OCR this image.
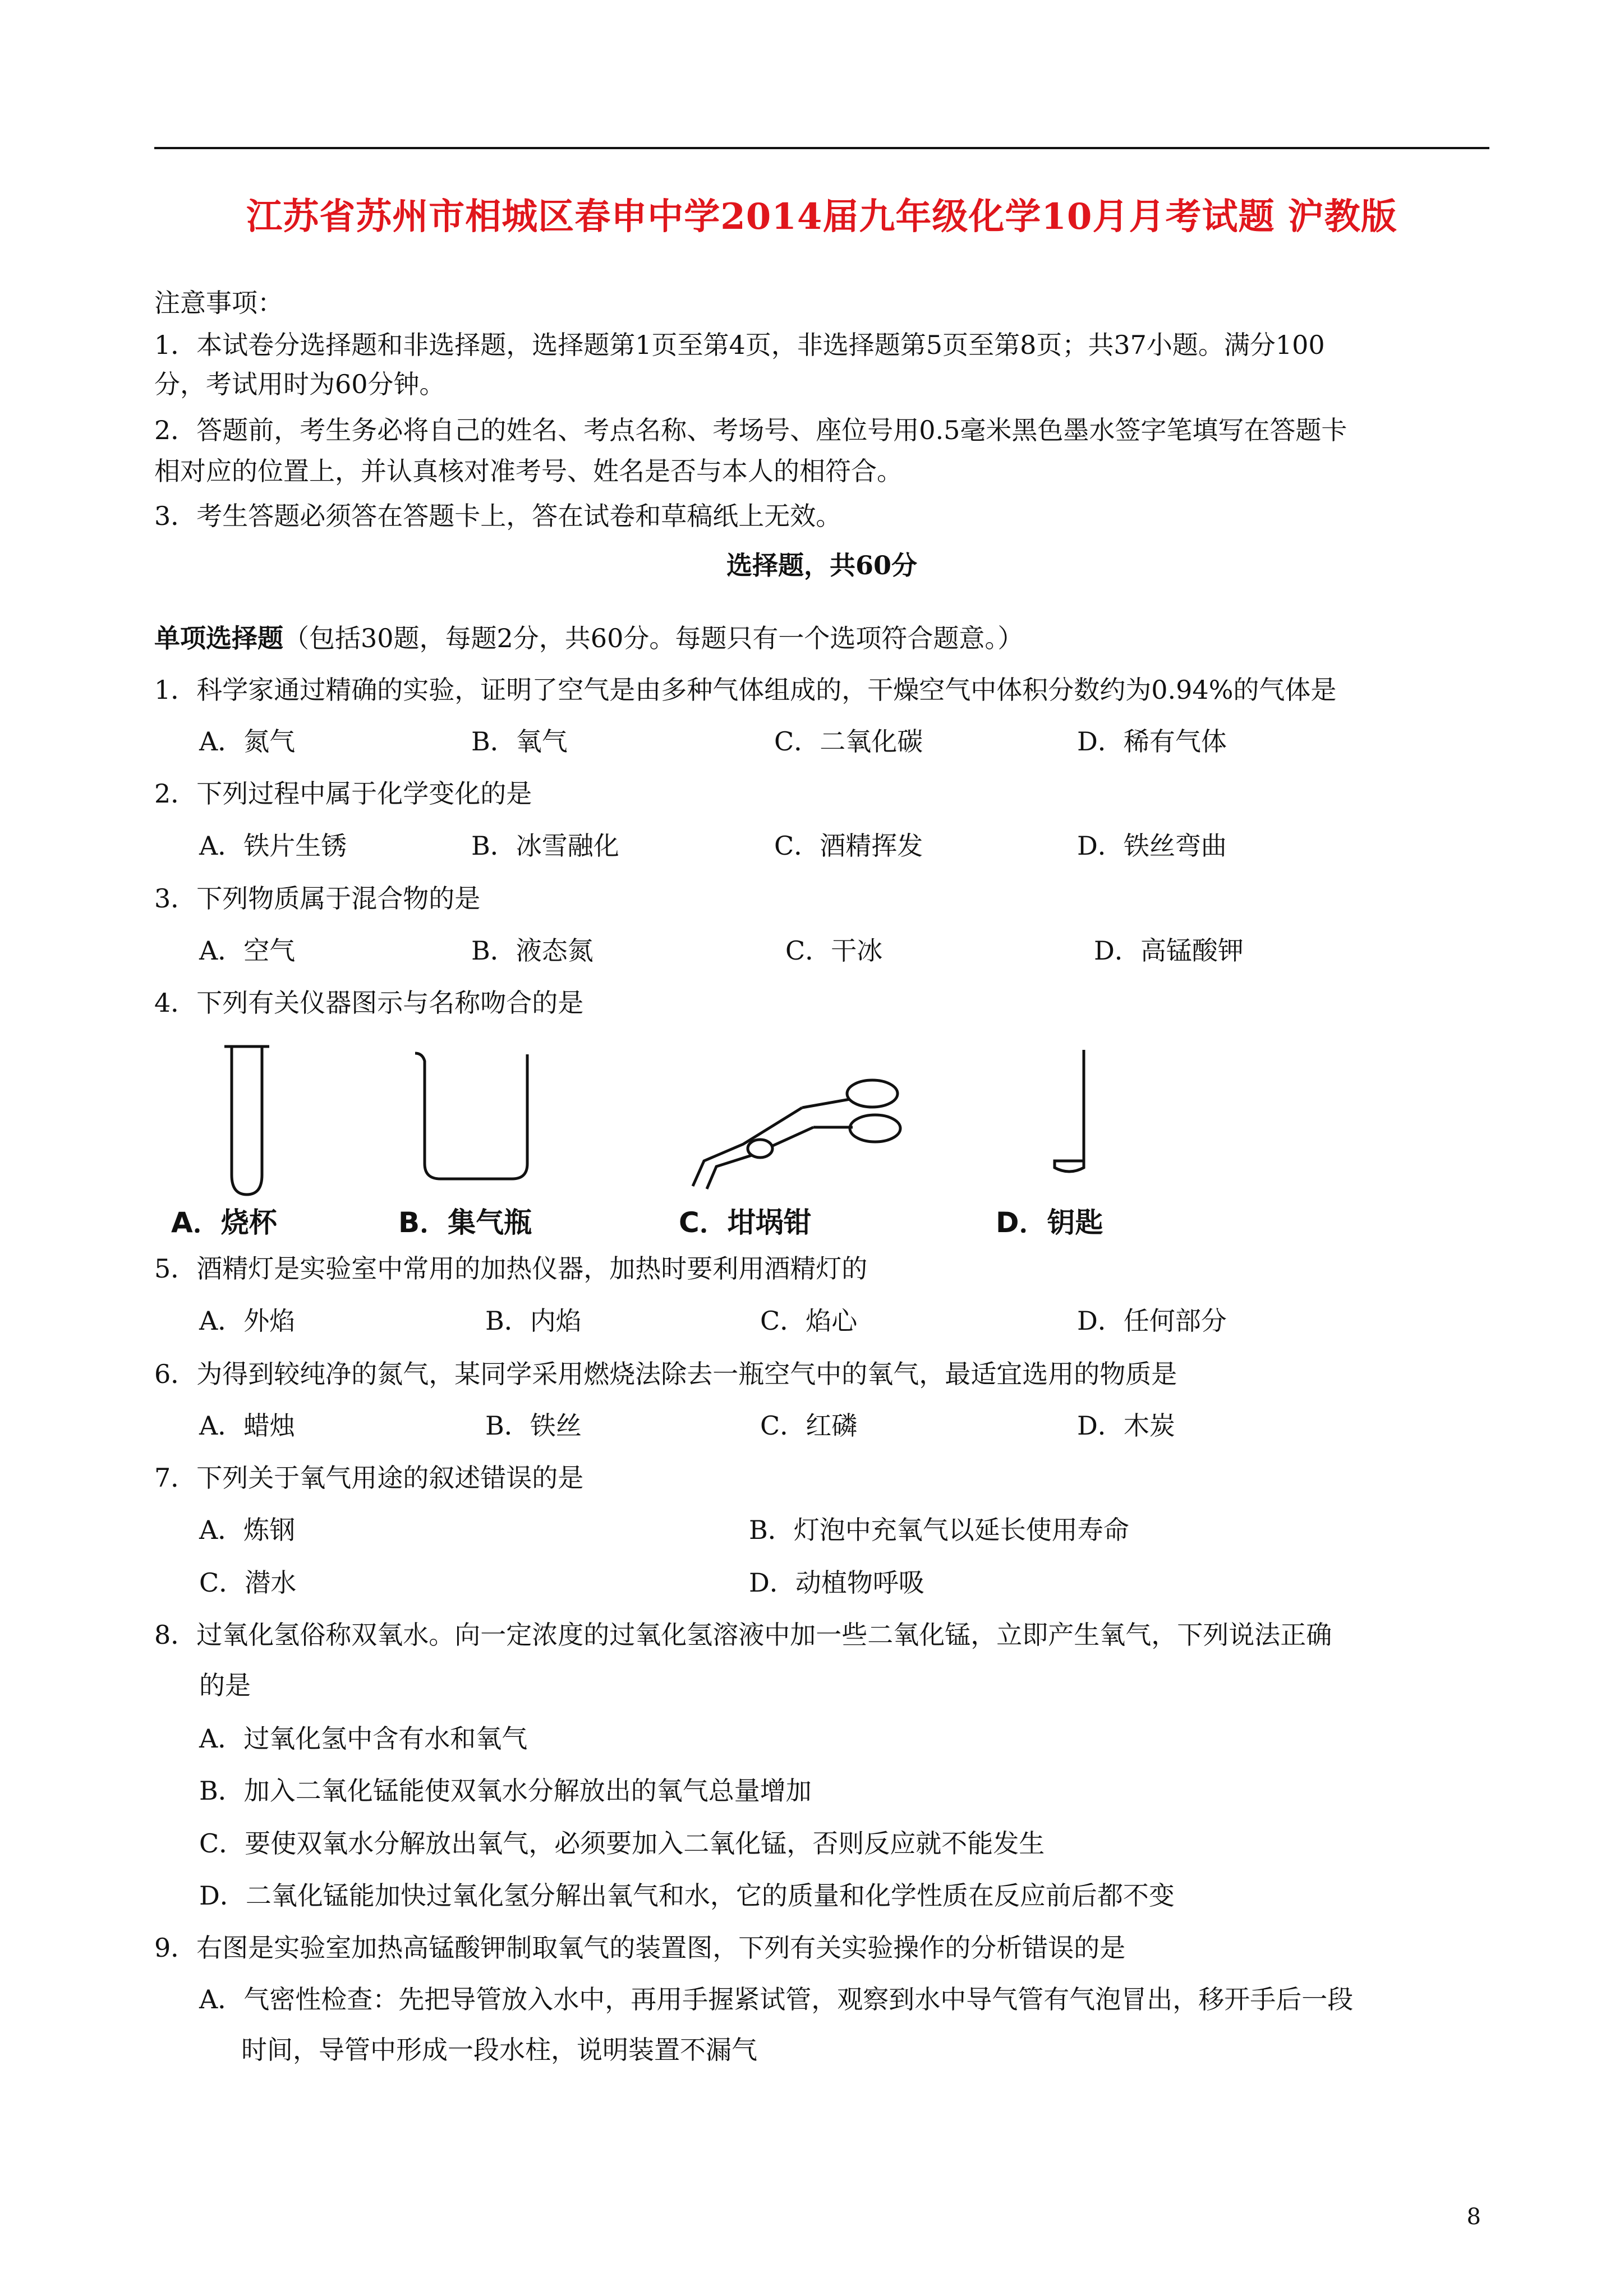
江苏省苏州市相城区春申中学2014届九年级化学10月月考试题 沪教版
注意事项：
1．本试卷分选择题和非选择题，选择题第1页至第4页，非选择题第5页至第8页；共37小题。满分100
分，考试用时为60分钟。
2．答题前，考生务必将自己的姓名、考点名称、考场号、座位号用0.5毫米黑色墨水签字笔填写在答题卡
相对应的位置上，并认真核对准考号、姓名是否与本人的相符合。
3．考生答题必须答在答题卡上，答在试卷和草稿纸上无效。
选择题，共60分
单项选择题（包括30题，每题2分，共60分。每题只有一个选项符合题意。）
1．科学家通过精确的实验，证明了空气是由多种气体组成的，干燥空气中体积分数约为0.94%的气体是
A．氮气	B．氧气	C．二氧化碳	D．稀有气体
2．下列过程中属于化学变化的是
A．铁片生锈	B．冰雪融化	C．酒精挥发	D．铁丝弯曲
3．下列物质属于混合物的是
A．空气	B．液态氮	C．干冰	D．高锰酸钾
4．下列有关仪器图示与名称吻合的是
A．烧杯	B．集气瓶	C．坩埚钳	D．钥匙
5．酒精灯是实验室中常用的加热仪器，加热时要利用酒精灯的
A．外焰	B．内焰	C．焰心	D．任何部分
6．为得到较纯净的氮气，某同学采用燃烧法除去一瓶空气中的氧气，最适宜选用的物质是
A．蜡烛	B．铁丝	C．红磷	D．木炭
7．下列关于氧气用途的叙述错误的是
A．炼钢	B．灯泡中充氧气以延长使用寿命
C．潜水	D．动植物呼吸
8．过氧化氢俗称双氧水。向一定浓度的过氧化氢溶液中加一些二氧化锰，立即产生氧气，下列说法正确
的是
A．过氧化氢中含有水和氧气
B．加入二氧化锰能使双氧水分解放出的氧气总量增加
C．要使双氧水分解放出氧气，必须要加入二氧化锰，否则反应就不能发生
D．二氧化锰能加快过氧化氢分解出氧气和水，它的质量和化学性质在反应前后都不变
9．右图是实验室加热高锰酸钾制取氧气的装置图，下列有关实验操作的分析错误的是
A．气密性检查：先把导管放入水中，再用手握紧试管，观察到水中导气管有气泡冒出，移开手后一段
时间，导管中形成一段水柱，说明装置不漏气
8
